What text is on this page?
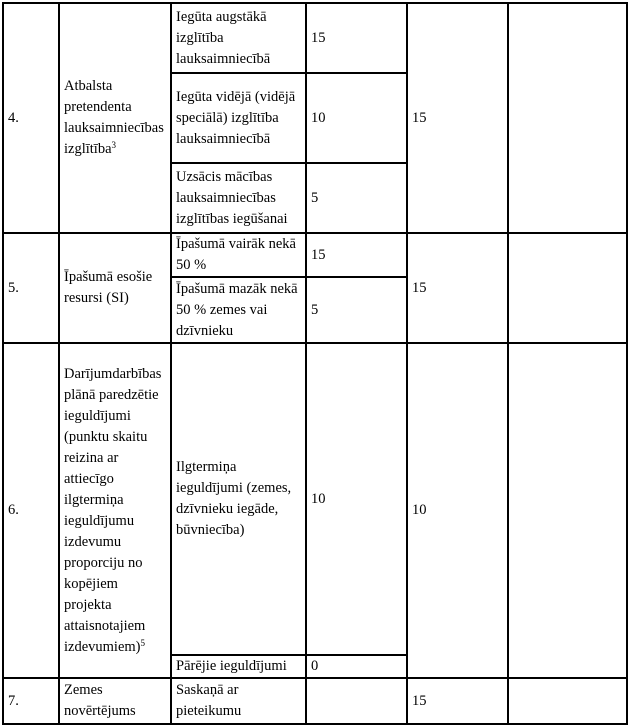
4.	Atbalsta pretendenta lauksaimniecības izglītība$^3$	Iegūta augstākā izglītība lauksaimniecībā	15	15	
		Iegūta vidējā (vidējā speciālā) izglītība lauksaimniecībā	10		
		Uzsācis mācības lauksaimniecības izglītības iegūšanai	5		
5.	Īpašumā esošie resursi (SI)	Īpašumā vairāk nekā 50 %	15	15	
		Īpašumā mazāk nekā 50 % zemes vai dzīvnieku	5		
6.	Darījumdarbības plānā paredzētie ieguldījumi (punktu skaitu reizina ar attiecīgo ilgtermiņa ieguldījumu izdevumu proporciju no kopējiem projekta attaisnotajiem izdevumiem)$^5$	Ilgtermiņa ieguldījumi (zemes, dzīvnieku iegāde, būvniecība)	10	10	
		Pārējie ieguldījumi	0		
7.	Zemes novērtējums	Saskaņā ar pieteikumu		15	
